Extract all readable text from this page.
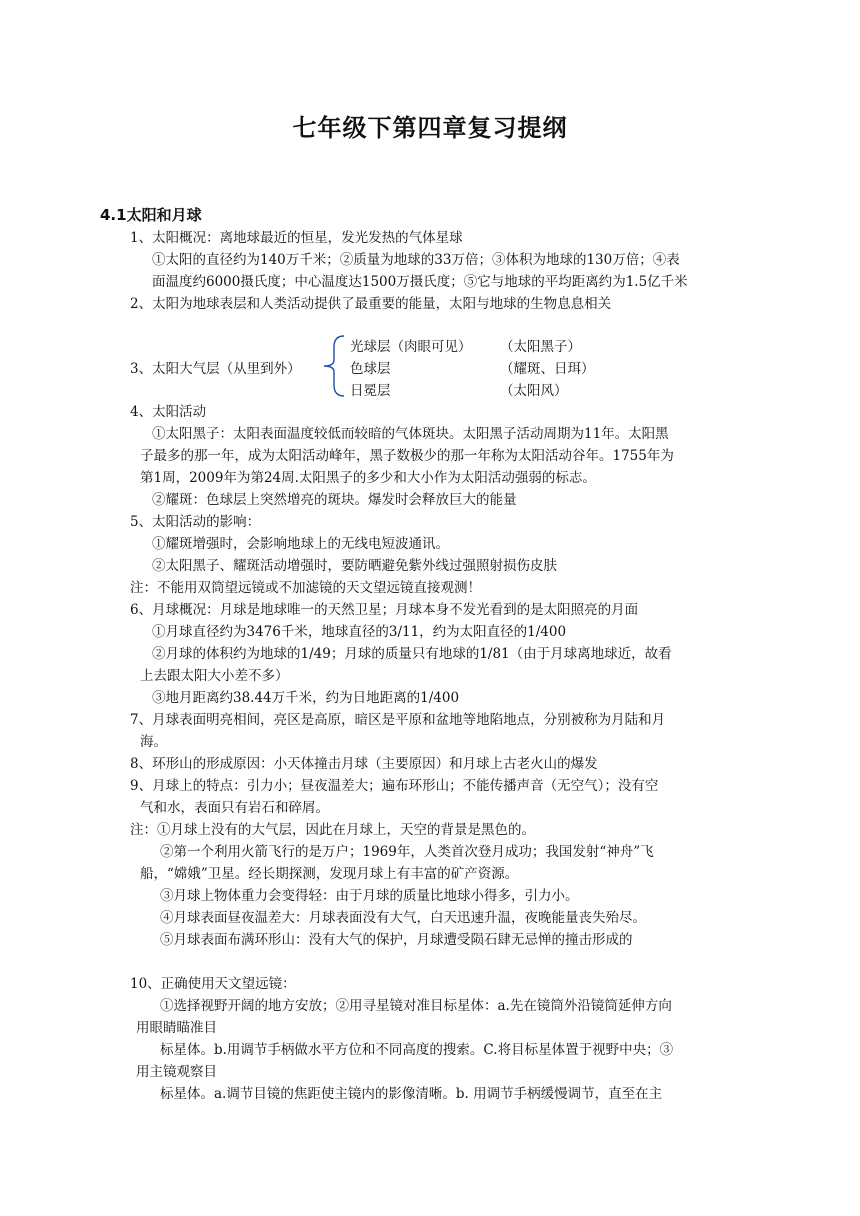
七年级下第四章复习提纲
4.1太阳和月球
1、太阳概况：离地球最近的恒星，发光发热的气体星球
①太阳的直径约为140万千米；②质量为地球的33万倍；③体积为地球的130万倍；④表
面温度约6000摄氏度；中心温度达1500万摄氏度；⑤它与地球的平均距离约为1.5亿千米
2、太阳为地球表层和人类活动提供了最重要的能量，太阳与地球的生物息息相关
3、太阳大气层（从里到外）
光球层（肉眼可见） （太阳黑子）
色球层	（耀斑、日珥）
日冕层	（太阳风）
4、太阳活动
①太阳黑子：太阳表面温度较低而较暗的气体斑块。太阳黑子活动周期为11年。太阳黑
子最多的那一年，成为太阳活动峰年，黑子数极少的那一年称为太阳活动谷年。1755年为
第1周，2009年为第24周.太阳黑子的多少和大小作为太阳活动强弱的标志。
②耀斑：色球层上突然增亮的斑块。爆发时会释放巨大的能量
5、太阳活动的影响：
①耀斑增强时，会影响地球上的无线电短波通讯。
②太阳黑子、耀斑活动增强时，要防晒避免紫外线过强照射损伤皮肤
注：不能用双筒望远镜或不加滤镜的天文望远镜直接观测！
6、月球概况：月球是地球唯一的天然卫星；月球本身不发光看到的是太阳照亮的月面
①月球直径约为3476千米，地球直径的3/11，约为太阳直径的1/400
②月球的体积约为地球的1/49；月球的质量只有地球的1/81（由于月球离地球近，故看
上去跟太阳大小差不多）
③地月距离约38.44万千米，约为日地距离的1/400
7、月球表面明亮相间，亮区是高原，暗区是平原和盆地等地陷地点，分别被称为月陆和月
海。
8、环形山的形成原因：小天体撞击月球（主要原因）和月球上古老火山的爆发
9、月球上的特点：引力小；昼夜温差大；遍布环形山；不能传播声音（无空气）；没有空
气和水，表面只有岩石和碎屑。
注：①月球上没有的大气层，因此在月球上，天空的背景是黑色的。
②第一个利用火箭飞行的是万户；1969年，人类首次登月成功；我国发射“神舟”飞
船，“嫦娥”卫星。经长期探测，发现月球上有丰富的矿产资源。
③月球上物体重力会变得轻：由于月球的质量比地球小得多，引力小。
④月球表面昼夜温差大：月球表面没有大气，白天迅速升温，夜晚能量丧失殆尽。
⑤月球表面布满环形山：没有大气的保护，月球遭受陨石肆无忌惮的撞击形成的
10、正确使用天文望远镜：
①选择视野开阔的地方安放；②用寻星镜对准目标星体：a.先在镜筒外沿镜筒延伸方向
用眼睛瞄准目
标星体。b.用调节手柄做水平方位和不同高度的搜索。C.将目标星体置于视野中央；③
用主镜观察目
标星体。a.调节目镜的焦距使主镜内的影像清晰。b. 用调节手柄缓慢调节，直至在主
